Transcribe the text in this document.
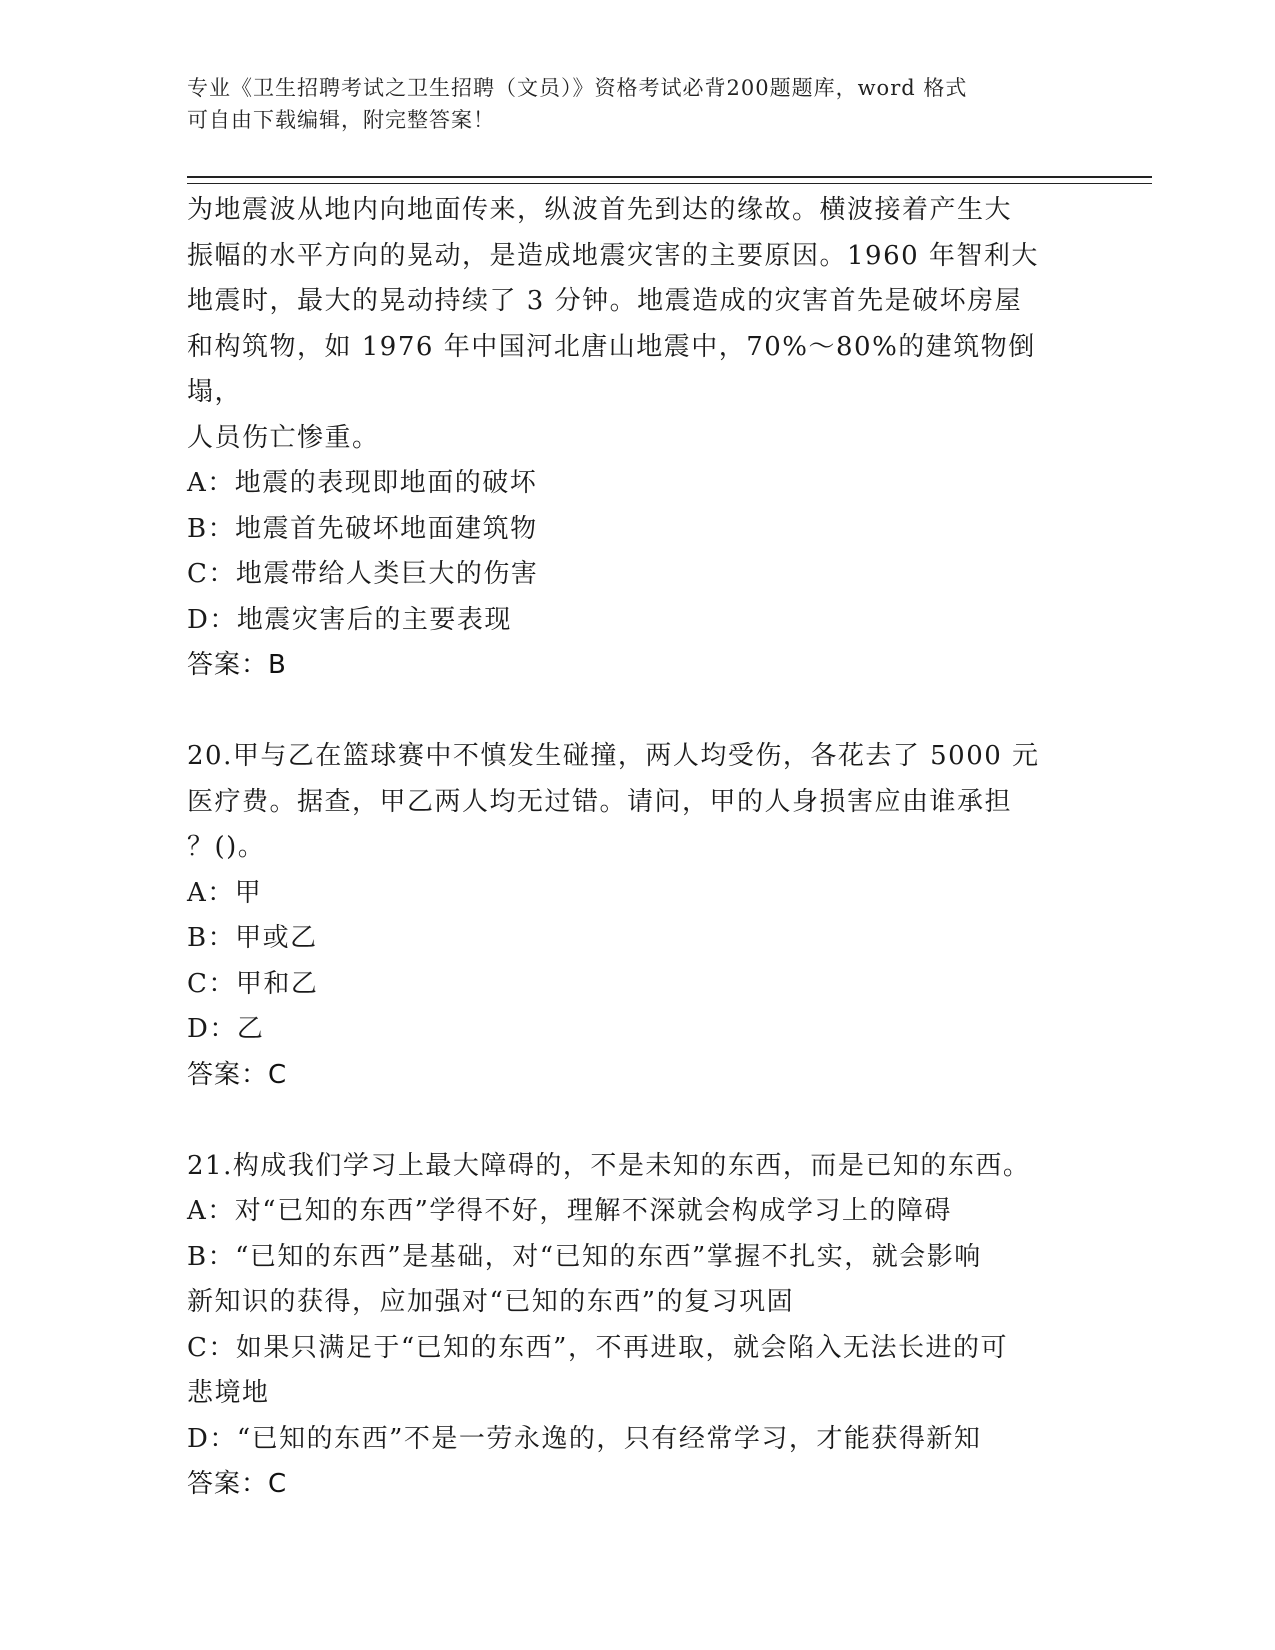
专业《卫生招聘考试之卫生招聘（文员）》资格考试必背200题题库，word 格式
可自由下载编辑，附完整答案！

为地震波从地内向地面传来，纵波首先到达的缘故。横波接着产生大

振幅的水平方向的晃动，是造成地震灾害的主要原因。1960 年智利大

地震时，最大的晃动持续了 3 分钟。地震造成的灾害首先是破坏房屋

和构筑物，如 1976 年中国河北唐山地震中，70%～80%的建筑物倒塌，

人员伤亡惨重。

A：地震的表现即地面的破坏

B：地震首先破坏地面建筑物

C：地震带给人类巨大的伤害

D：地震灾害后的主要表现

答案：B

20.甲与乙在篮球赛中不慎发生碰撞，两人均受伤，各花去了 5000 元

医疗费。据查，甲乙两人均无过错。请问，甲的人身损害应由谁承担

？()。

A：甲

B：甲或乙

C：甲和乙

D：乙

答案：C

21.构成我们学习上最大障碍的，不是未知的东西，而是已知的东西。

A：对“已知的东西”学得不好，理解不深就会构成学习上的障碍

B：“已知的东西”是基础，对“已知的东西”掌握不扎实，就会影响

新知识的获得，应加强对“已知的东西”的复习巩固

C：如果只满足于“已知的东西”，不再进取，就会陷入无法长进的可

悲境地

D：“已知的东西”不是一劳永逸的，只有经常学习，才能获得新知

答案：C
